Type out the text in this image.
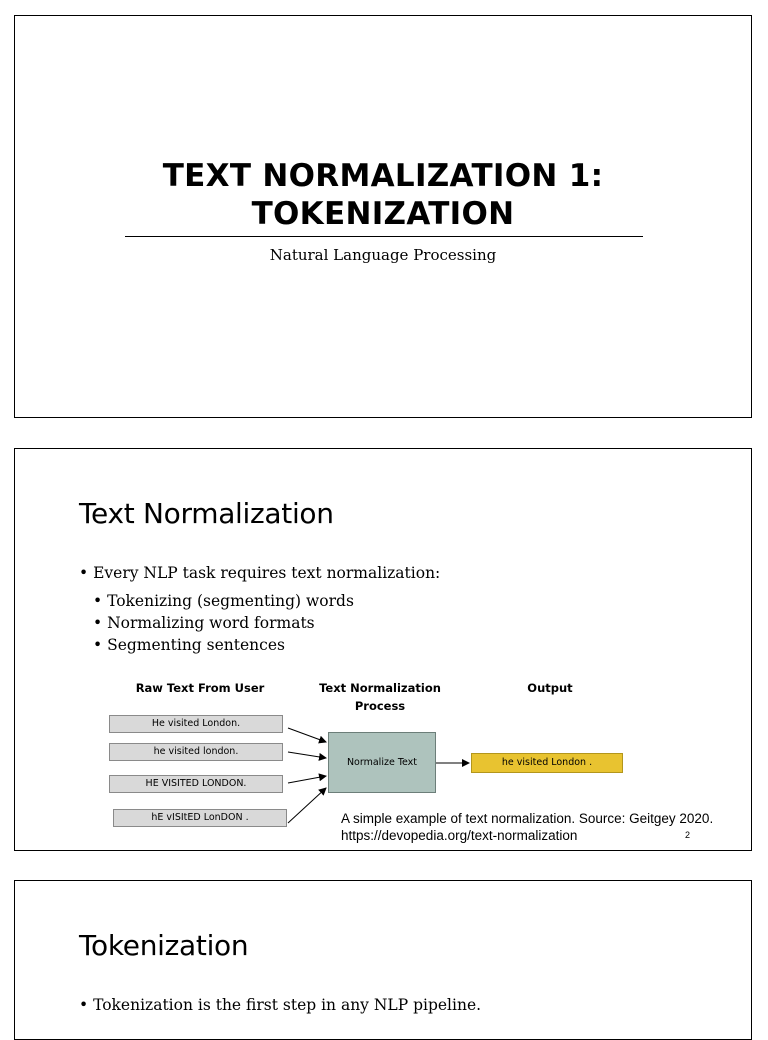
TEXT NORMALIZATION 1:
TOKENIZATION
Natural Language Processing
Text Normalization
• Every NLP task requires text normalization:
• Tokenizing (segmenting) words
• Normalizing word formats
• Segmenting sentences
Raw Text From User	Text Normalization
Process
Output
He visited London.
he visited london.
HE VISITED LONDON.
hE vISItED LonDON .
Normalize Text	he visited London .
A simple example of text normalization. Source: Geitgey 2020.
https://devopedia.org/text-normalization	2
Tokenization
• Tokenization is the first step in any NLP pipeline.
